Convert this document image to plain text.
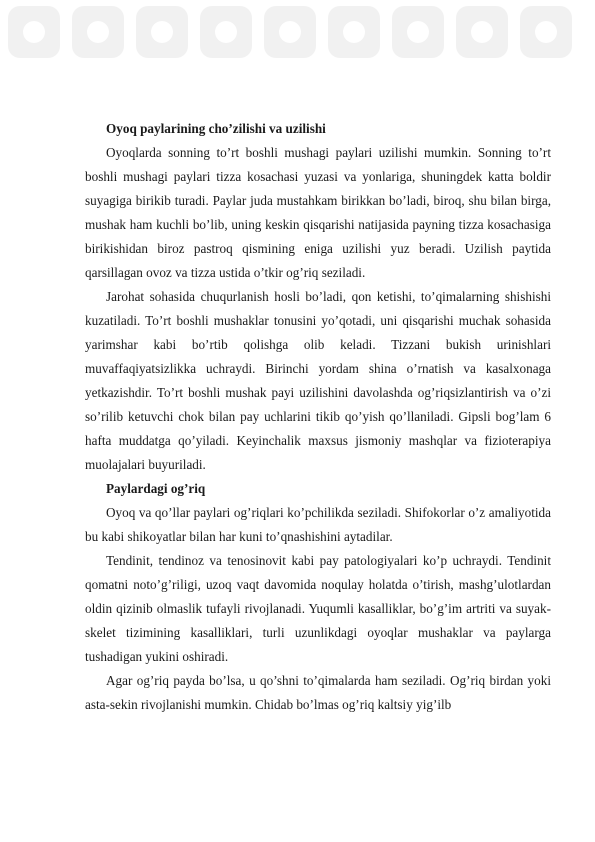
Oyoq paylarining cho’zilishi va uzilishi

Oyoqlarda sonning to’rt boshli mushagi paylari uzilishi mumkin. Sonning to’rt boshli mushagi paylari tizza kosachasi yuzasi va yonlariga, shuningdek katta boldir suyagiga birikib turadi. Paylar juda mustahkam birikkan bo’ladi, biroq, shu bilan birga, mushak ham kuchli bo’lib, uning keskin qisqarishi natijasida payning tizza kosachasiga birikishidan biroz pastroq qismining eniga uzilishi yuz beradi. Uzilish paytida qarsillagan ovoz va tizza ustida o’tkir og’riq seziladi.

Jarohat sohasida chuqurlanish hosli bo’ladi, qon ketishi, to’qimalarning shishishi kuzatiladi. To’rt boshli mushaklar tonusini yo’qotadi, uni qisqarishi muchak sohasida yarimshar kabi bo’rtib qolishga olib keladi. Tizzani bukish urinishlari muvaffaqiyatsizlikka uchraydi. Birinchi yordam shina o’rnatish va kasalxonaga yetkazishdir. To’rt boshli mushak payi uzilishini davolashda og’riqsizlantirish va o’zi so’rilib ketuvchi chok bilan pay uchlarini tikib qo’yish qo’llaniladi. Gipsli bog’lam 6 hafta muddatga qo’yiladi. Keyinchalik maxsus jismoniy mashqlar va fizioterapiya muolajalari buyuriladi.

Paylardagi og’riq

Oyoq va qo’llar paylari og’riqlari ko’pchilikda seziladi. Shifokorlar o’z amaliyotida bu kabi shikoyatlar bilan har kuni to’qnashishini aytadilar.

Tendinit, tendinoz va tenosinovit kabi pay patologiyalari ko’p uchraydi. Tendinit qomatni noto’g’riligi, uzoq vaqt davomida noqulay holatda o’tirish, mashg’ulotlardan oldin qizinib olmaslik tufayli rivojlanadi. Yuqumli kasalliklar, bo’g’im artriti va suyak-skelet tizimining kasalliklari, turli uzunlikdagi oyoqlar mushaklar va paylarga tushadigan yukini oshiradi.

Agar og’riq payda bo’lsa, u qo’shni to’qimalarda ham seziladi. Og’riq birdan yoki asta-sekin rivojlanishi mumkin. Chidab bo’lmas og’riq kaltsiy yig’ilb
